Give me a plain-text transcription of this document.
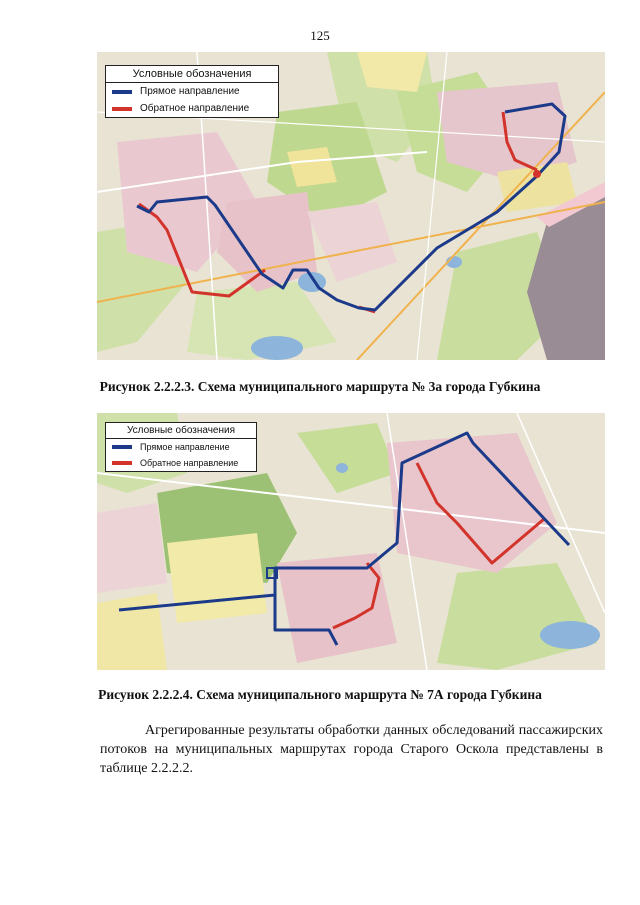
125
Условные обозначения
Прямое направление
Обратное направление
Рисунок 2.2.2.3. Схема муниципального маршрута № 3а города Губкина
Условные обозначения
Прямое направление
Обратное направление
Рисунок 2.2.2.4. Схема муниципального маршрута № 7А города Губкина
Агрегированные результаты обработки данных обследований пассажирских потоков на муниципальных маршрутах города Старого Оскола представлены в таблице 2.2.2.2.
